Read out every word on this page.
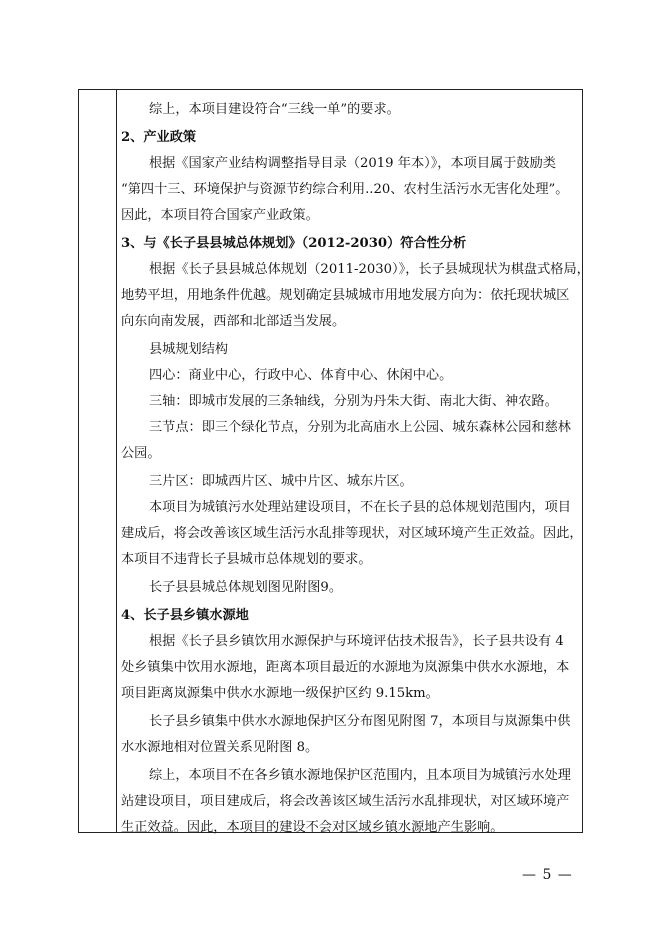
综上，本项目建设符合“三线一单”的要求。
2、产业政策
根据《国家产业结构调整指导目录（2019 年本）》，本项目属于鼓励类
“第四十三、环境保护与资源节约综合利用..20、农村生活污水无害化处理”。
因此，本项目符合国家产业政策。
3、与《长子县县城总体规划》（2012-2030）符合性分析
根据《长子县县城总体规划（2011-2030）》，长子县城现状为棋盘式格局，
地势平坦，用地条件优越。规划确定县城城市用地发展方向为：依托现状城区
向东向南发展，西部和北部适当发展。
县城规划结构
四心：商业中心，行政中心、体育中心、休闲中心。
三轴：即城市发展的三条轴线，分别为丹朱大街、南北大街、神农路。
三节点：即三个绿化节点，分别为北高庙水上公园、城东森林公园和慈林
公园。
三片区：即城西片区、城中片区、城东片区。
本项目为城镇污水处理站建设项目，不在长子县的总体规划范围内，项目
建成后，将会改善该区域生活污水乱排等现状，对区域环境产生正效益。因此，
本项目不违背长子县城市总体规划的要求。
长子县县城总体规划图见附图9。
4、长子县乡镇水源地
根据《长子县乡镇饮用水源保护与环境评估技术报告》，长子县共设有 4
处乡镇集中饮用水源地，距离本项目最近的水源地为岚源集中供水水源地，本
项目距离岚源集中供水水源地一级保护区约 9.15km。
长子县乡镇集中供水水源地保护区分布图见附图 7，本项目与岚源集中供
水水源地相对位置关系见附图 8。
综上，本项目不在各乡镇水源地保护区范围内，且本项目为城镇污水处理
站建设项目，项目建成后，将会改善该区域生活污水乱排现状，对区域环境产
生正效益。因此，本项目的建设不会对区域乡镇水源地产生影响。
— 5 —
